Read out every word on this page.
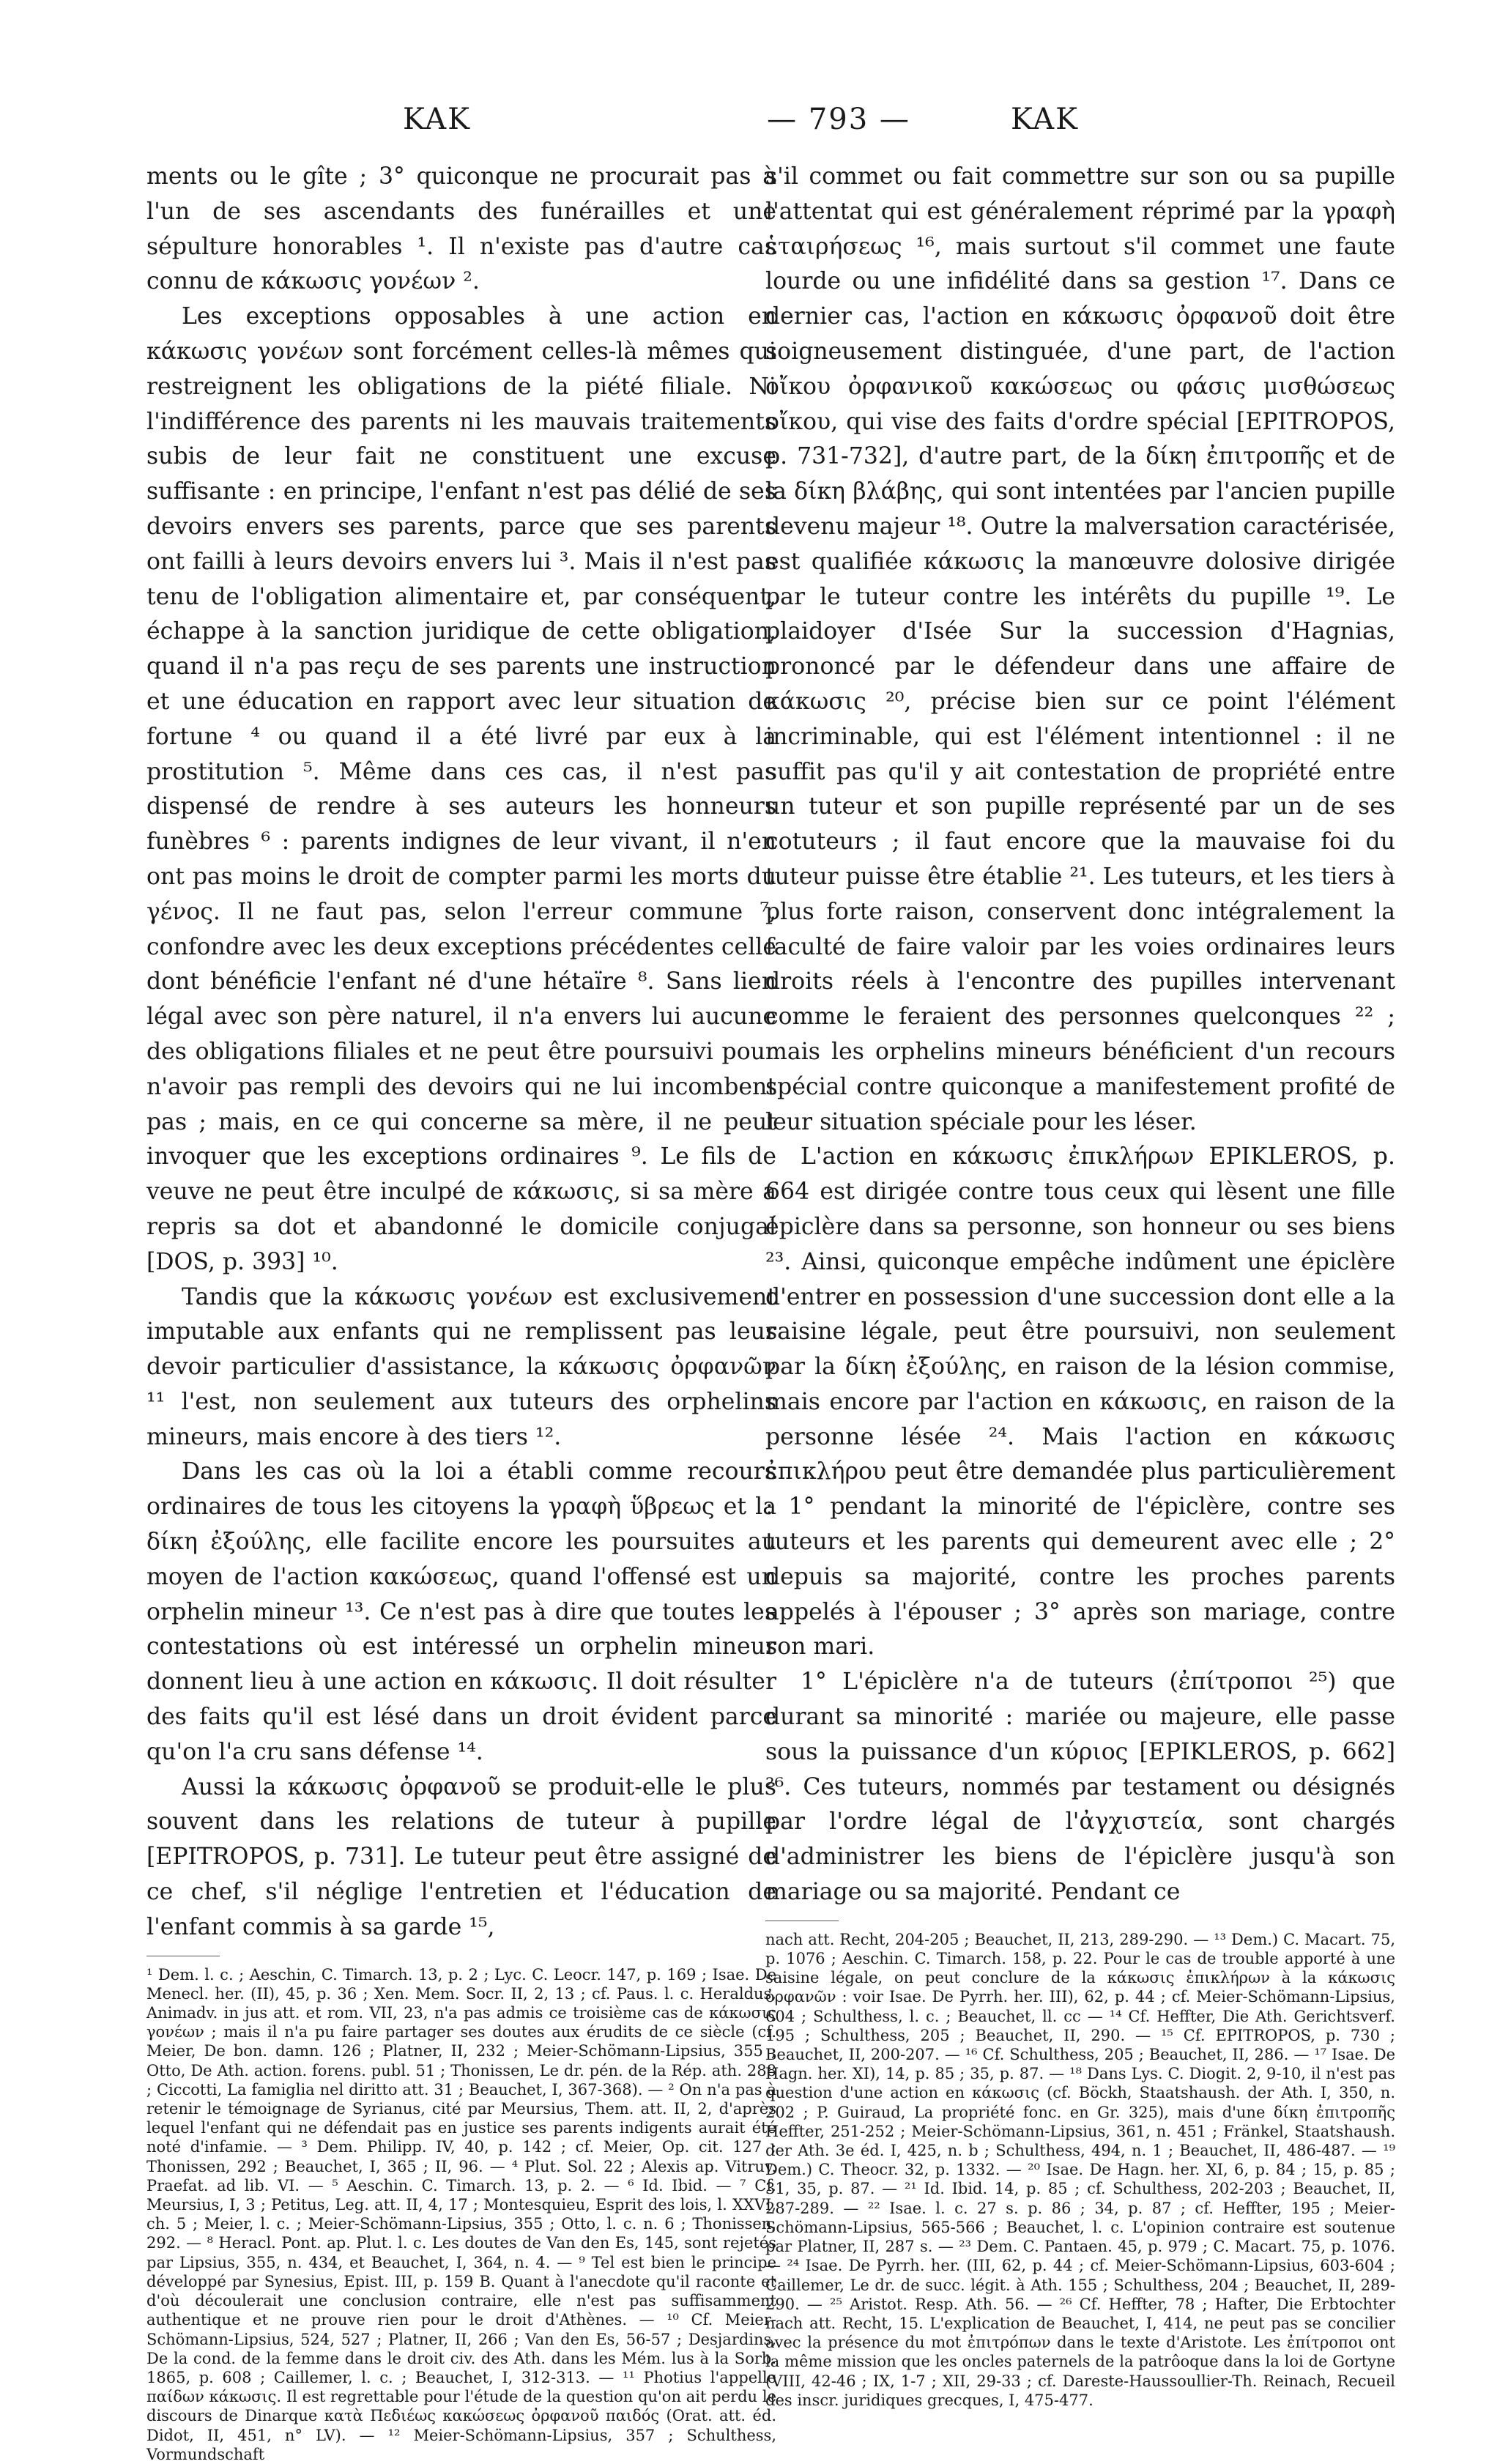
KAK	— 793 —	KAK

ments ou le gîte ; 3° quiconque ne procurait pas à l'un de ses ascendants des funérailles et une sépulture honorables ¹. Il n'existe pas d'autre cas connu de κάκωσις γονέων ².

Les exceptions opposables à une action en κάκωσις γονέων sont forcément celles-là mêmes qui restreignent les obligations de la piété filiale. Ni l'indifférence des parents ni les mauvais traitements subis de leur fait ne constituent une excuse suffisante : en principe, l'enfant n'est pas délié de ses devoirs envers ses parents, parce que ses parents ont failli à leurs devoirs envers lui ³. Mais il n'est pas tenu de l'obligation alimentaire et, par conséquent, échappe à la sanction juridique de cette obligation, quand il n'a pas reçu de ses parents une instruction et une éducation en rapport avec leur situation de fortune ⁴ ou quand il a été livré par eux à la prostitution ⁵. Même dans ces cas, il n'est pas dispensé de rendre à ses auteurs les honneurs funèbres ⁶ : parents indignes de leur vivant, il n'en ont pas moins le droit de compter parmi les morts du γένος. Il ne faut pas, selon l'erreur commune ⁷, confondre avec les deux exceptions précédentes celle dont bénéficie l'enfant né d'une hétaïre ⁸. Sans lien légal avec son père naturel, il n'a envers lui aucune des obligations filiales et ne peut être poursuivi pour n'avoir pas rempli des devoirs qui ne lui incombent pas ; mais, en ce qui concerne sa mère, il ne peut invoquer que les exceptions ordinaires ⁹. Le fils de veuve ne peut être inculpé de κάκωσις, si sa mère a repris sa dot et abandonné le domicile conjugal [DOS, p. 393] ¹⁰.

Tandis que la κάκωσις γονέων est exclusivement imputable aux enfants qui ne remplissent pas leur devoir particulier d'assistance, la κάκωσις ὀρφανῶν ¹¹ l'est, non seulement aux tuteurs des orphelins mineurs, mais encore à des tiers ¹².

Dans les cas où la loi a établi comme recours ordinaires de tous les citoyens la γραφὴ ὕβρεως et la δίκη ἐξούλης, elle facilite encore les poursuites au moyen de l'action κακώσεως, quand l'offensé est un orphelin mineur ¹³. Ce n'est pas à dire que toutes les contestations où est intéressé un orphelin mineur donnent lieu à une action en κάκωσις. Il doit résulter des faits qu'il est lésé dans un droit évident parce qu'on l'a cru sans défense ¹⁴.

Aussi la κάκωσις ὀρφανοῦ se produit-elle le plus souvent dans les relations de tuteur à pupille [EPITROPOS, p. 731]. Le tuteur peut être assigné de ce chef, s'il néglige l'entretien et l'éducation de l'enfant commis à sa garde ¹⁵,

¹ Dem. l. c. ; Aeschin, C. Timarch. 13, p. 2 ; Lyc. C. Leocr. 147, p. 169 ; Isae. De Menecl. her. (II), 45, p. 36 ; Xen. Mem. Socr. II, 2, 13 ; cf. Paus. l. c. Heraldus, Animadv. in jus att. et rom. VII, 23, n'a pas admis ce troisième cas de κάκωσις γονέων ; mais il n'a pu faire partager ses doutes aux érudits de ce siècle (cf. Meier, De bon. damn. 126 ; Platner, II, 232 ; Meier-Schömann-Lipsius, 355 ; Otto, De Ath. action. forens. publ. 51 ; Thonissen, Le dr. pén. de la Rép. ath. 288 ; Ciccotti, La famiglia nel diritto att. 31 ; Beauchet, I, 367-368). — ² On n'a pas à retenir le témoignage de Syrianus, cité par Meursius, Them. att. II, 2, d'après lequel l'enfant qui ne défendait pas en justice ses parents indigents aurait été noté d'infamie. — ³ Dem. Philipp. IV, 40, p. 142 ; cf. Meier, Op. cit. 127 ; Thonissen, 292 ; Beauchet, I, 365 ; II, 96. — ⁴ Plut. Sol. 22 ; Alexis ap. Vitruv. Praefat. ad lib. VI. — ⁵ Aeschin. C. Timarch. 13, p. 2. — ⁶ Id. Ibid. — ⁷ Cf. Meursius, I, 3 ; Petitus, Leg. att. II, 4, 17 ; Montesquieu, Esprit des lois, l. XXVI, ch. 5 ; Meier, l. c. ; Meier-Schömann-Lipsius, 355 ; Otto, l. c. n. 6 ; Thonissen, 292. — ⁸ Heracl. Pont. ap. Plut. l. c. Les doutes de Van den Es, 145, sont rejetés par Lipsius, 355, n. 434, et Beauchet, I, 364, n. 4. — ⁹ Tel est bien le principe développé par Synesius, Epist. III, p. 159 B. Quant à l'anecdote qu'il raconte et d'où découlerait une conclusion contraire, elle n'est pas suffisamment authentique et ne prouve rien pour le droit d'Athènes. — ¹⁰ Cf. Meier-Schömann-Lipsius, 524, 527 ; Platner, II, 266 ; Van den Es, 56-57 ; Desjardins, De la cond. de la femme dans le droit civ. des Ath. dans les Mém. lus à la Sorb. 1865, p. 608 ; Caillemer, l. c. ; Beauchet, I, 312-313. — ¹¹ Photius l'appelle παίδων κάκωσις. Il est regrettable pour l'étude de la question qu'on ait perdu le discours de Dinarque κατὰ Πεδιέως κακώσεως ὀρφανοῦ παιδός (Orat. att. éd. Didot, II, 451, n° LV). — ¹² Meier-Schömann-Lipsius, 357 ; Schulthess, Vormundschaft

s'il commet ou fait commettre sur son ou sa pupille l'attentat qui est généralement réprimé par la γραφὴ ἑταιρήσεως ¹⁶, mais surtout s'il commet une faute lourde ou une infidélité dans sa gestion ¹⁷. Dans ce dernier cas, l'action en κάκωσις ὀρφανοῦ doit être soigneusement distinguée, d'une part, de l'action οἴκου ὀρφανικοῦ κακώσεως ou φάσις μισθώσεως οἴκου, qui vise des faits d'ordre spécial [EPITROPOS, p. 731-732], d'autre part, de la δίκη ἐπιτροπῆς et de la δίκη βλάβης, qui sont intentées par l'ancien pupille devenu majeur ¹⁸. Outre la malversation caractérisée, est qualifiée κάκωσις la manœuvre dolosive dirigée par le tuteur contre les intérêts du pupille ¹⁹. Le plaidoyer d'Isée Sur la succession d'Hagnias, prononcé par le défendeur dans une affaire de κάκωσις ²⁰, précise bien sur ce point l'élément incriminable, qui est l'élément intentionnel : il ne suffit pas qu'il y ait contestation de propriété entre un tuteur et son pupille représenté par un de ses cotuteurs ; il faut encore que la mauvaise foi du tuteur puisse être établie ²¹. Les tuteurs, et les tiers à plus forte raison, conservent donc intégralement la faculté de faire valoir par les voies ordinaires leurs droits réels à l'encontre des pupilles intervenant comme le feraient des personnes quelconques ²² ; mais les orphelins mineurs bénéficient d'un recours spécial contre quiconque a manifestement profité de leur situation spéciale pour les léser.

L'action en κάκωσις ἐπικλήρων EPIKLEROS, p. 664 est dirigée contre tous ceux qui lèsent une fille épiclère dans sa personne, son honneur ou ses biens ²³. Ainsi, quiconque empêche indûment une épiclère d'entrer en possession d'une succession dont elle a la saisine légale, peut être poursuivi, non seulement par la δίκη ἐξούλης, en raison de la lésion commise, mais encore par l'action en κάκωσις, en raison de la personne lésée ²⁴. Mais l'action en κάκωσις ἐπικλήρου peut être demandée plus particulièrement : 1° pendant la minorité de l'épiclère, contre ses tuteurs et les parents qui demeurent avec elle ; 2° depuis sa majorité, contre les proches parents appelés à l'épouser ; 3° après son mariage, contre son mari.

1° L'épiclère n'a de tuteurs (ἐπίτροποι ²⁵) que durant sa minorité : mariée ou majeure, elle passe sous la puissance d'un κύριος [EPIKLEROS, p. 662] ²⁶. Ces tuteurs, nommés par testament ou désignés par l'ordre légal de l'ἀγχιστεία, sont chargés d'administrer les biens de l'épiclère jusqu'à son mariage ou sa majorité. Pendant ce

nach att. Recht, 204-205 ; Beauchet, II, 213, 289-290. — ¹³ Dem.) C. Macart. 75, p. 1076 ; Aeschin. C. Timarch. 158, p. 22. Pour le cas de trouble apporté à une saisine légale, on peut conclure de la κάκωσις ἐπικλήρων à la κάκωσις ὀρφανῶν : voir Isae. De Pyrrh. her. III), 62, p. 44 ; cf. Meier-Schömann-Lipsius, 604 ; Schulthess, l. c. ; Beauchet, ll. cc — ¹⁴ Cf. Heffter, Die Ath. Gerichtsverf. 195 ; Schulthess, 205 ; Beauchet, II, 290. — ¹⁵ Cf. EPITROPOS, p. 730 ; Beauchet, II, 200-207. — ¹⁶ Cf. Schulthess, 205 ; Beauchet, II, 286. — ¹⁷ Isae. De Hagn. her. XI), 14, p. 85 ; 35, p. 87. — ¹⁸ Dans Lys. C. Diogit. 2, 9-10, il n'est pas question d'une action en κάκωσις (cf. Böckh, Staatshaush. der Ath. I, 350, n. 202 ; P. Guiraud, La propriété fonc. en Gr. 325), mais d'une δίκη ἐπιτροπῆς Heffter, 251-252 ; Meier-Schömann-Lipsius, 361, n. 451 ; Fränkel, Staatshaush. der Ath. 3e éd. I, 425, n. b ; Schulthess, 494, n. 1 ; Beauchet, II, 486-487. — ¹⁹ Dem.) C. Theocr. 32, p. 1332. — ²⁰ Isae. De Hagn. her. XI, 6, p. 84 ; 15, p. 85 ; 31, 35, p. 87. — ²¹ Id. Ibid. 14, p. 85 ; cf. Schulthess, 202-203 ; Beauchet, II, 287-289. — ²² Isae. l. c. 27 s. p. 86 ; 34, p. 87 ; cf. Heffter, 195 ; Meier-Schömann-Lipsius, 565-566 ; Beauchet, l. c. L'opinion contraire est soutenue par Platner, II, 287 s. — ²³ Dem. C. Pantaen. 45, p. 979 ; C. Macart. 75, p. 1076. — ²⁴ Isae. De Pyrrh. her. (III, 62, p. 44 ; cf. Meier-Schömann-Lipsius, 603-604 ; Caillemer, Le dr. de succ. légit. à Ath. 155 ; Schulthess, 204 ; Beauchet, II, 289-290. — ²⁵ Aristot. Resp. Ath. 56. — ²⁶ Cf. Heffter, 78 ; Hafter, Die Erbtochter nach att. Recht, 15. L'explication de Beauchet, I, 414, ne peut pas se concilier avec la présence du mot ἐπιτρόπων dans le texte d'Aristote. Les ἐπίτροποι ont la même mission que les oncles paternels de la patrôoque dans la loi de Gortyne (VIII, 42-46 ; IX, 1-7 ; XII, 29-33 ; cf. Dareste-Haussoullier-Th. Reinach, Recueil des inscr. juridiques grecques, I, 475-477.
